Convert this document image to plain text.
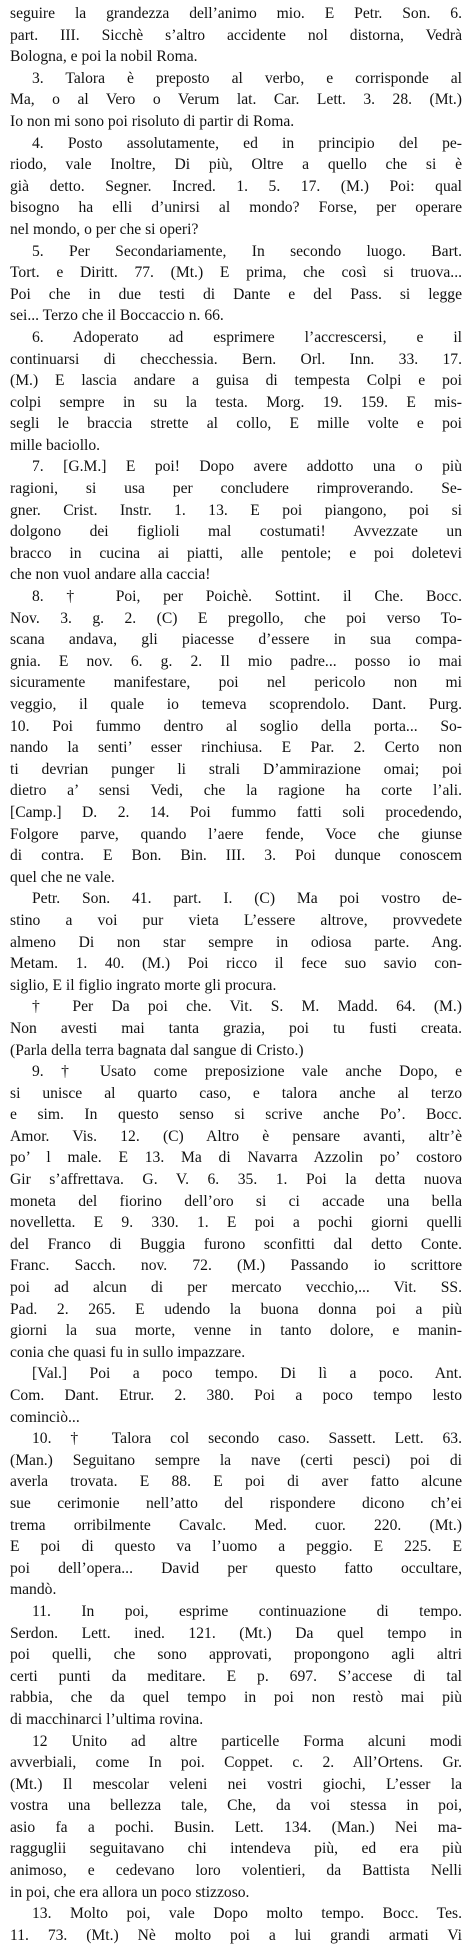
seguire la grandezza dell’animo mio. E Petr. Son. 6.
part. III. Sicchè s’altro accidente nol distorna, Vedrà
Bologna, e poi la nobil Roma.
3. Talora è preposto al verbo, e corrisponde al
Ma, o al Vero o Verum lat. Car. Lett. 3. 28. (Mt.)
Io non mi sono poi risoluto di partir di Roma.
4. Posto assolutamente, ed in principio del pe-
riodo, vale Inoltre, Di più, Oltre a quello che si è
già detto. Segner. Incred. 1. 5. 17. (M.) Poi: qual
bisogno ha elli d’unirsi al mondo? Forse, per operare
nel mondo, o per che si operi?
5. Per Secondariamente, In secondo luogo. Bart.
Tort. e Diritt. 77. (Mt.) E prima, che così si truova...
Poi che in due testi di Dante e del Pass. si legge
sei... Terzo che il Boccaccio n. 66.
6. Adoperato ad esprimere l’accrescersi, e il
continuarsi di checchessia. Bern. Orl. Inn. 33. 17.
(M.) E lascia andare a guisa di tempesta Colpi e poi
colpi sempre in su la testa. Morg. 19. 159. E mis-
segli le braccia strette al collo, E mille volte e poi
mille baciollo.
7. [G.M.] E poi! Dopo avere addotto una o più
ragioni, si usa per concludere rimproverando. Se-
gner. Crist. Instr. 1. 13. E poi piangono, poi si
dolgono dei figlioli mal costumati! Avvezzate un
bracco in cucina ai piatti, alle pentole; e poi doletevi
che non vuol andare alla caccia!
8. † Poi, per Poichè. Sottint. il Che. Bocc.
Nov. 3. g. 2. (C) E pregollo, che poi verso To-
scana andava, gli piacesse d’essere in sua compa-
gnia. E nov. 6. g. 2. Il mio padre... posso io mai
sicuramente manifestare, poi nel pericolo non mi
veggio, il quale io temeva scoprendolo. Dant. Purg.
10. Poi fummo dentro al soglio della porta... So-
nando la senti’ esser rinchiusa. E Par. 2. Certo non
ti devrian punger li strali D’ammirazione omai; poi
dietro a’ sensi Vedi, che la ragione ha corte l’ali.
[Camp.] D. 2. 14. Poi fummo fatti soli procedendo,
Folgore parve, quando l’aere fende, Voce che giunse
di contra. E Bon. Bin. III. 3. Poi dunque conoscem
quel che ne vale.
Petr. Son. 41. part. I. (C) Ma poi vostro de-
stino a voi pur vieta L’essere altrove, provvedete
almeno Di non star sempre in odiosa parte. Ang.
Metam. 1. 40. (M.) Poi ricco il fece suo savio con-
siglio, E il figlio ingrato morte gli procura.
† Per Da poi che. Vit. S. M. Madd. 64. (M.)
Non avesti mai tanta grazia, poi tu fusti creata.
(Parla della terra bagnata dal sangue di Cristo.)
9. † Usato come preposizione vale anche Dopo, e
si unisce al quarto caso, e talora anche al terzo
e sim. In questo senso si scrive anche Po’. Bocc.
Amor. Vis. 12. (C) Altro è pensare avanti, altr’è
po’ l male. E 13. Ma di Navarra Azzolin po’ costoro
Gir s’affrettava. G. V. 6. 35. 1. Poi la detta nuova
moneta del fiorino dell’oro si ci accade una bella
novelletta. E 9. 330. 1. E poi a pochi giorni quelli
del Franco di Buggia furono sconfitti dal detto Conte.
Franc. Sacch. nov. 72. (M.) Passando io scrittore
poi ad alcun di per mercato vecchio,... Vit. SS.
Pad. 2. 265. E udendo la buona donna poi a più
giorni la sua morte, venne in tanto dolore, e manin-
conia che quasi fu in sullo impazzare.
[Val.] Poi a poco tempo. Di lì a poco. Ant.
Com. Dant. Etrur. 2. 380. Poi a poco tempo lesto
cominciò...
10. † Talora col secondo caso. Sassett. Lett. 63.
(Man.) Seguitano sempre la nave (certi pesci) poi di
averla trovata. E 88. E poi di aver fatto alcune
sue cerimonie nell’atto del rispondere dicono ch’ei
trema orribilmente Cavalc. Med. cuor. 220. (Mt.)
E poi di questo va l’uomo a peggio. E 225. E
poi dell’opera... David per questo fatto occultare,
mandò.
11. In poi, esprime continuazione di tempo.
Serdon. Lett. ined. 121. (Mt.) Da quel tempo in
poi quelli, che sono approvati, propongono agli altri
certi punti da meditare. E p. 697. S’accese di tal
rabbia, che da quel tempo in poi non restò mai più
di macchinarci l’ultima rovina.
12 Unito ad altre particelle Forma alcuni modi
avverbiali, come In poi. Coppet. c. 2. All’Ortens. Gr.
(Mt.) Il mescolar veleni nei vostri giochi, L’esser la
vostra una bellezza tale, Che, da voi stessa in poi,
asio fa a pochi. Busin. Lett. 134. (Man.) Nei ma-
ragguglii seguitavano chi intendeva più, ed era più
animoso, e cedevano loro volentieri, da Battista Nelli
in poi, che era allora un poco stizzoso.
13. Molto poi, vale Dopo molto tempo. Bocc. Tes.
11. 73. (Mt.) Nè molto poi a lui grandi armati Vi
